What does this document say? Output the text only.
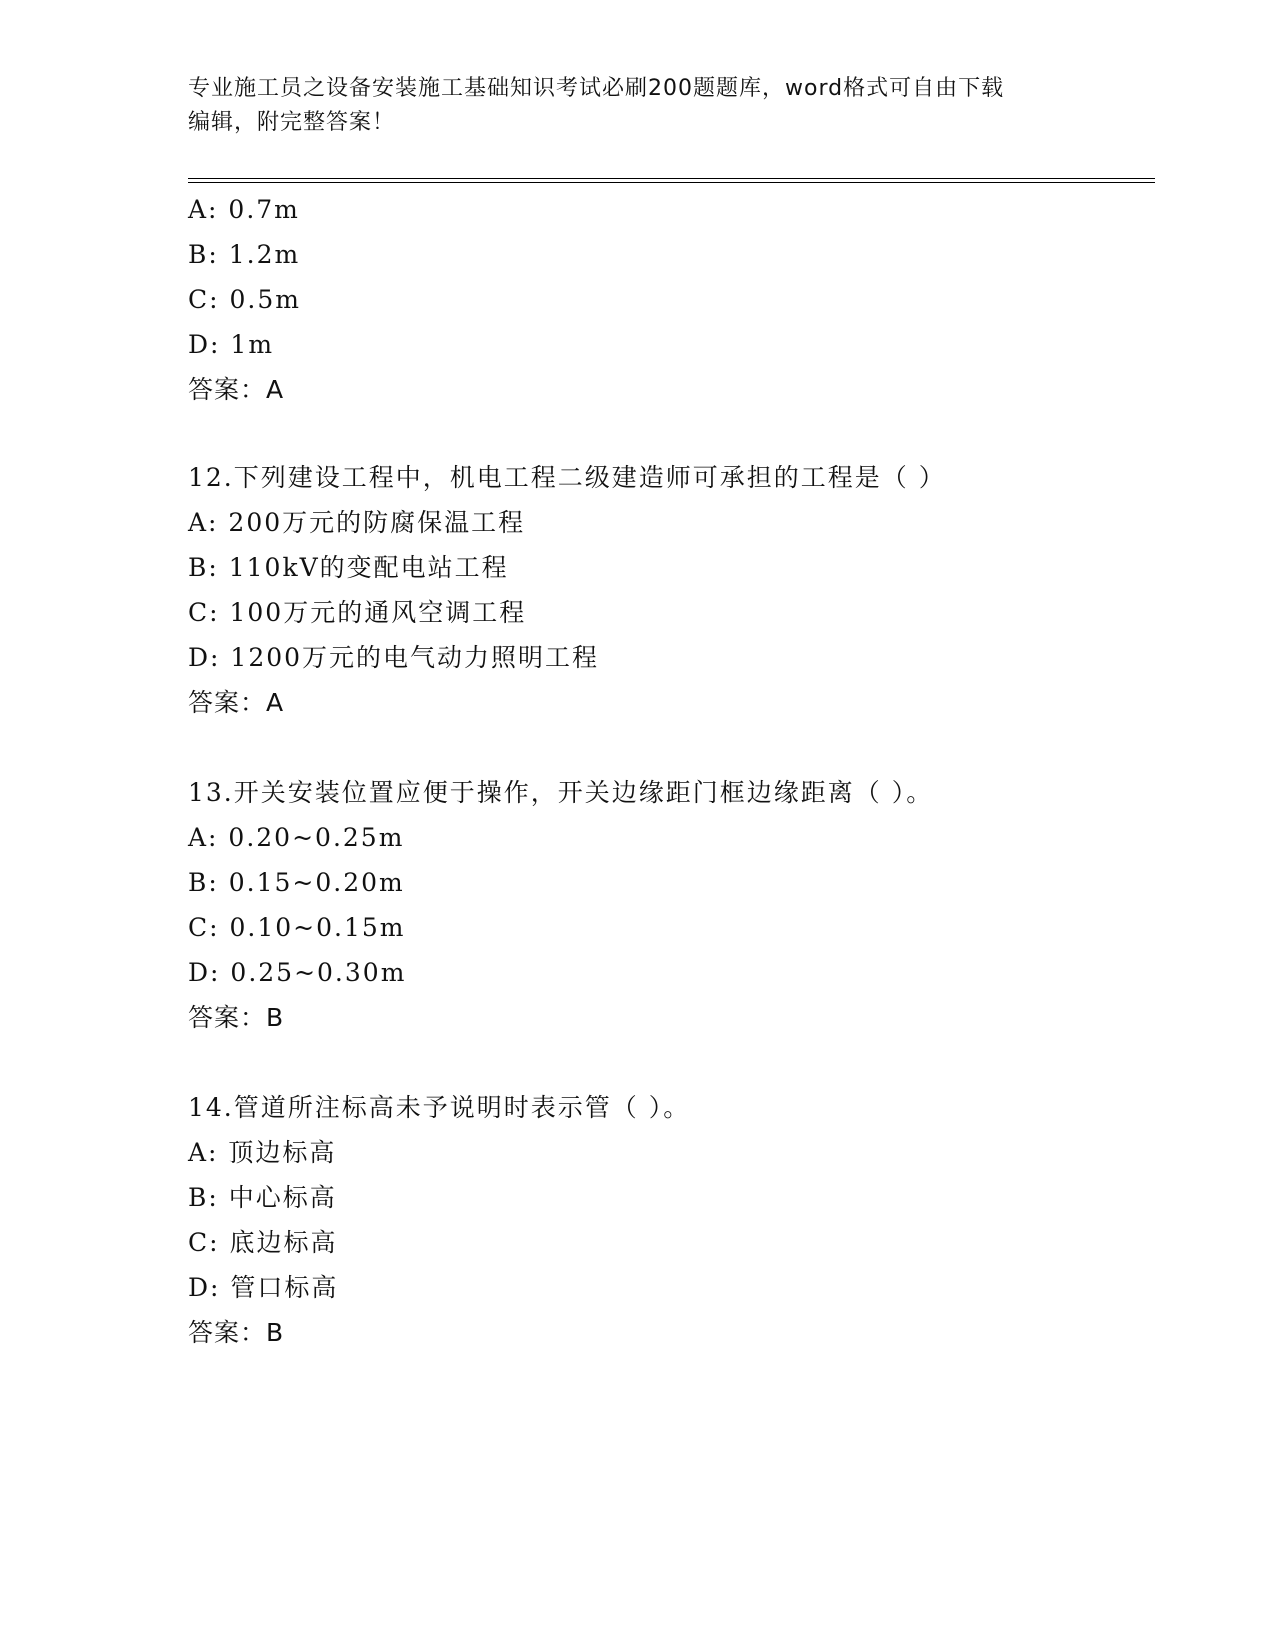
专业施工员之设备安装施工基础知识考试必刷200题题库，word格式可自由下载
编辑，附完整答案！
A: 0.7m
B: 1.2m
C: 0.5m
D: 1m
答案：A
12.下列建设工程中，机电工程二级建造师可承担的工程是（ ）
A: 200万元的防腐保温工程
B: 110kV的变配电站工程
C: 100万元的通风空调工程
D: 1200万元的电气动力照明工程
答案：A
13.开关安装位置应便于操作，开关边缘距门框边缘距离（ ）。
A: 0.20~0.25m
B: 0.15~0.20m
C: 0.10~0.15m
D: 0.25~0.30m
答案：B
14.管道所注标高未予说明时表示管（ ）。
A: 顶边标高
B: 中心标高
C: 底边标高
D: 管口标高
答案：B
